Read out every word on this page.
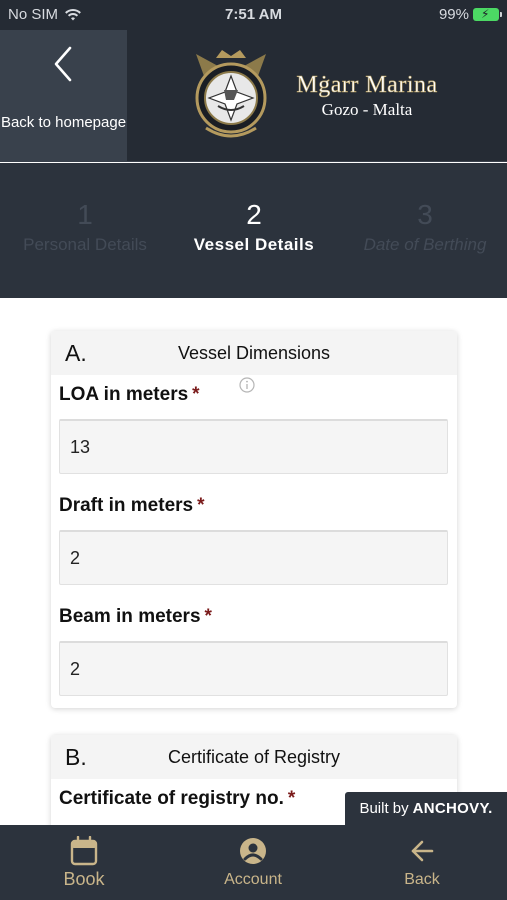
No SIM	7:51 AM	99% ⚡
Back to homepage
Mġarr Marina
Gozo - Malta
1
Personal Details
2
Vessel Details
3
Date of Berthing
A.	Vessel Dimensions
LOA in meters *
13
Draft in meters *
2
Beam in meters *
2
B.	Certificate of Registry
Certificate of registry no. *	Built by ANCHOVY.
Book	Account	Back
